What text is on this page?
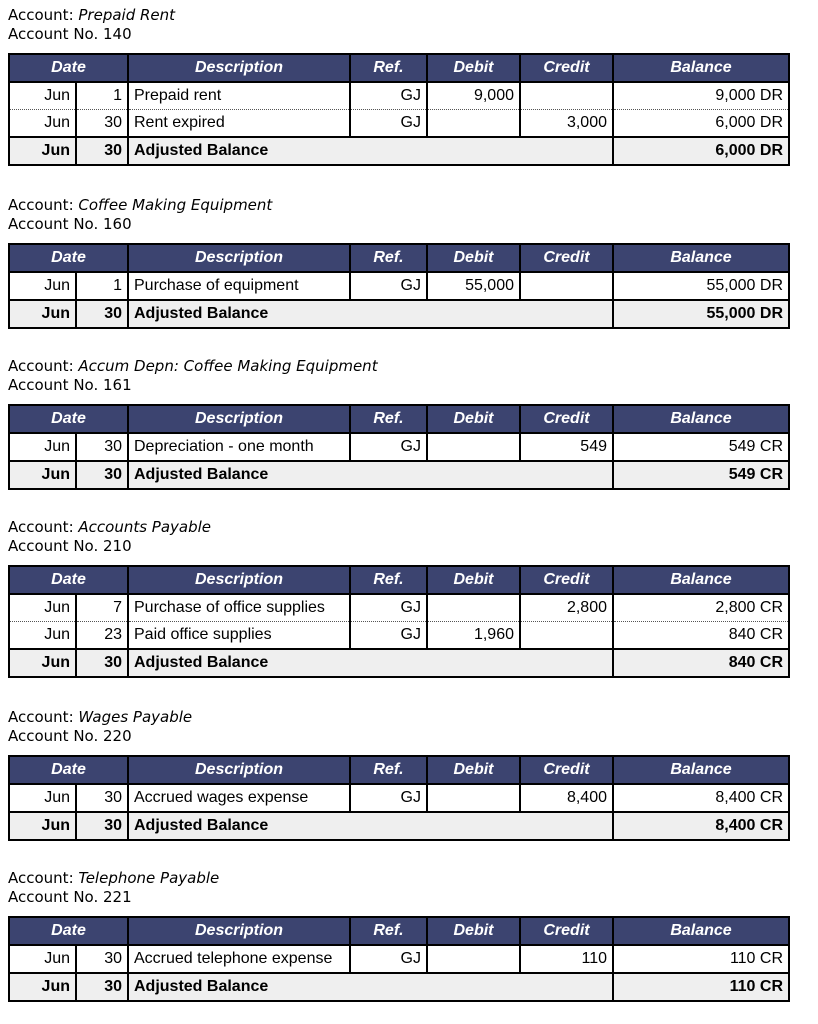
Account: Prepaid Rent
Account No. 140
Date		Description	Ref.	Debit	Credit	Balance
Jun	1	Prepaid rent	GJ	9,000		9,000 DR
Jun	30	Rent expired	GJ		3,000	6,000 DR
Jun	30	Adjusted Balance				6,000 DR
Account: Coffee Making Equipment
Account No. 160
Date		Description	Ref.	Debit	Credit	Balance
Jun	1	Purchase of equipment	GJ	55,000		55,000 DR
Jun	30	Adjusted Balance				55,000 DR
Account: Accum Depn: Coffee Making Equipment
Account No. 161
Date		Description	Ref.	Debit	Credit	Balance
Jun	30	Depreciation - one month	GJ		549	549 CR
Jun	30	Adjusted Balance				549 CR
Account: Accounts Payable
Account No. 210
Date		Description	Ref.	Debit	Credit	Balance
Jun	7	Purchase of office supplies	GJ		2,800	2,800 CR
Jun	23	Paid office supplies	GJ	1,960		840 CR
Jun	30	Adjusted Balance				840 CR
Account: Wages Payable
Account No. 220
Date		Description	Ref.	Debit	Credit	Balance
Jun	30	Accrued wages expense	GJ		8,400	8,400 CR
Jun	30	Adjusted Balance				8,400 CR
Account: Telephone Payable
Account No. 221
Date		Description	Ref.	Debit	Credit	Balance
Jun	30	Accrued telephone expense	GJ		110	110 CR
Jun	30	Adjusted Balance				110 CR
